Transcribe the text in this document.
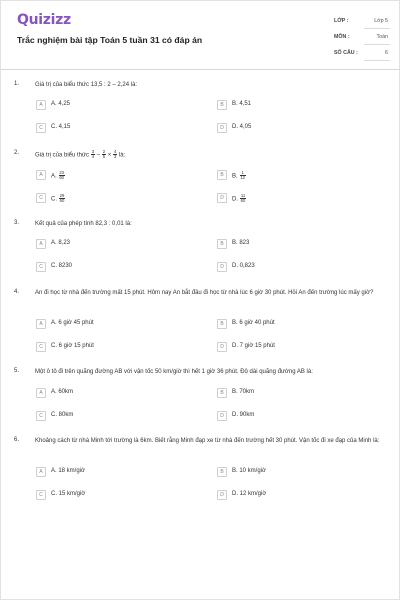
Quizizz
Trắc nghiệm bài tập Toán 5 tuần 31 có đáp án
LỚP :	Lớp 5
MÔN :	Toán
SỐ CÂU :	6
1.	Giá trị của biểu thức 13,5 : 2 – 2,24 là:
A	A. 4,25	B	B. 4,51
C	C. 4,15	D	D. 4,05
2.	Giá trị của biểu thức $\frac{3}{4} - \frac{2}{5} \times \frac{4}{3}$ là:
A	A. $\frac{23}{60}$	B	B. $\frac{1}{12}$
C	C. $\frac{29}{60}$	D	D. $\frac{11}{60}$
3.	Kết quả của phép tính 82,3 : 0,01 là:
A	A. 8,23	B	B. 823
C	C. 8230	D	D. 0,823
4.	An đi học từ nhà đến trường mất 15 phút. Hôm nay An bắt đầu đi học từ nhà lúc 6 giờ 30 phút. Hỏi An đến trường lúc mấy giờ?
A	A. 6 giờ 45 phút	B	B. 6 giờ 40 phút
C	C. 6 giờ 15 phút	D	D. 7 giờ 15 phút
5.	Một ô tô đi trên quãng đường AB với vận tốc 50 km/giờ thì hết 1 giờ 36 phút. Độ dài quãng đường AB là:
A	A. 60km	B	B. 70km
C	C. 80km	D	D. 90km
6.	Khoảng cách từ nhà Minh tới trường là 6km. Biết rằng Minh đạp xe từ nhà đến trường hết 30 phút. Vận tốc đi xe đạp của Minh là:
A	A. 18 km/giờ	B	B. 10 km/giờ
C	C. 15 km/giờ	D	D. 12 km/giờ
